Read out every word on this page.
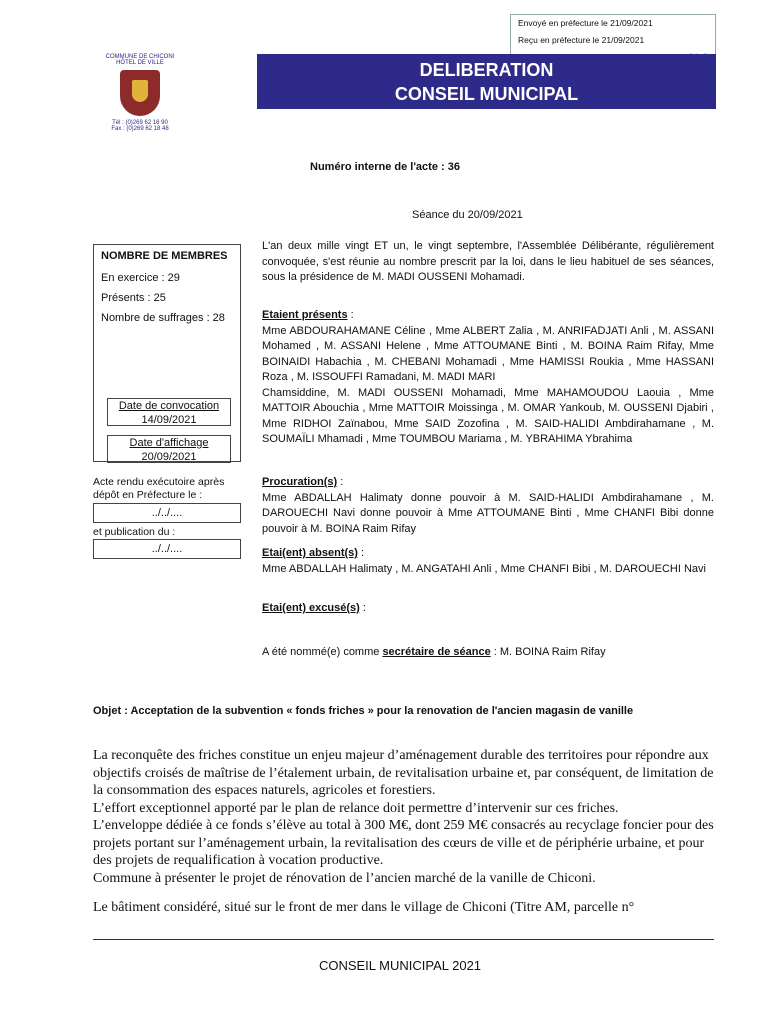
Envoyé en préfecture le 21/09/2021
Reçu en préfecture le 21/09/2021
COMMUNE DE CHICONI
HÔTEL DE VILLE
Tél : (0)269 62 16 90
Fax : (0)269 62 18 48
DELIBERATION
CONSEIL MUNICIPAL
Numéro interne de l'acte : 36
Séance du 20/09/2021
NOMBRE DE MEMBRES
En exercice : 29
Présents : 25
Nombre de suffrages : 28
Date de convocation
14/09/2021
Date d'affichage
20/09/2021
Acte rendu exécutoire après
dépôt en Préfecture le :
../../....
et publication du :
../../....
L'an deux mille vingt ET un, le vingt septembre, l'Assemblée Délibérante, régulièrement convoquée, s'est réunie au nombre prescrit par la loi, dans le lieu habituel de ses séances, sous la présidence de M. MADI OUSSENI Mohamadi.
Etaient présents :
Mme ABDOURAHAMANE Céline , Mme ALBERT Zalia , M. ANRIFADJATI Anli , M. ASSANI Mohamed , M. ASSANI Helene , Mme ATTOUMANE Binti , M. BOINA Raim Rifay, Mme BOINAIDI Habachia , M. CHEBANI Mohamadi , Mme HAMISSI Roukia , Mme HASSANI Roza , M. ISSOUFFI Ramadani, M. MADI MARI
Chamsiddine, M. MADI OUSSENI Mohamadi, Mme MAHAMOUDOU Laouia , Mme MATTOIR Abouchia , Mme MATTOIR Moissinga , M. OMAR Yankoub, M. OUSSENI Djabiri , Mme RIDHOI Zaïnabou, Mme SAID Zozofina , M. SAID-HALIDI Ambdirahamane , M. SOUMAÏLI Mhamadi , Mme TOUMBOU Mariama , M. YBRAHIMA Ybrahima
Procuration(s) :
Mme ABDALLAH Halimaty donne pouvoir à M. SAID-HALIDI Ambdirahamane , M. DAROUECHI Navi donne pouvoir à Mme ATTOUMANE Binti , Mme CHANFI Bibi donne pouvoir à M. BOINA Raim Rifay
Etai(ent) absent(s) :
Mme ABDALLAH Halimaty , M. ANGATAHI Anli , Mme CHANFI Bibi , M. DAROUECHI Navi
Etai(ent) excusé(s) :
A été nommé(e) comme secrétaire de séance : M. BOINA Raim Rifay
Objet : Acceptation de la subvention « fonds friches » pour la renovation de l'ancien magasin de vanille
La reconquête des friches constitue un enjeu majeur d’aménagement durable des territoires pour répondre aux objectifs croisés de maîtrise de l’étalement urbain, de revitalisation urbaine et, par conséquent, de limitation de la consommation des espaces naturels, agricoles et forestiers.
L’effort exceptionnel apporté par le plan de relance doit permettre d’intervenir sur ces friches.
L’enveloppe dédiée à ce fonds s’élève au total à 300 M€, dont 259 M€ consacrés au recyclage foncier pour des projets portant sur l’aménagement urbain, la revitalisation des cœurs de ville et de périphérie urbaine, et pour des projets de requalification à vocation productive.
Commune à présenter le projet de rénovation de l’ancien marché de la vanille de Chiconi.
Le bâtiment considéré, situé sur le front de mer dans le village de Chiconi (Titre AM, parcelle n°
CONSEIL MUNICIPAL 2021
